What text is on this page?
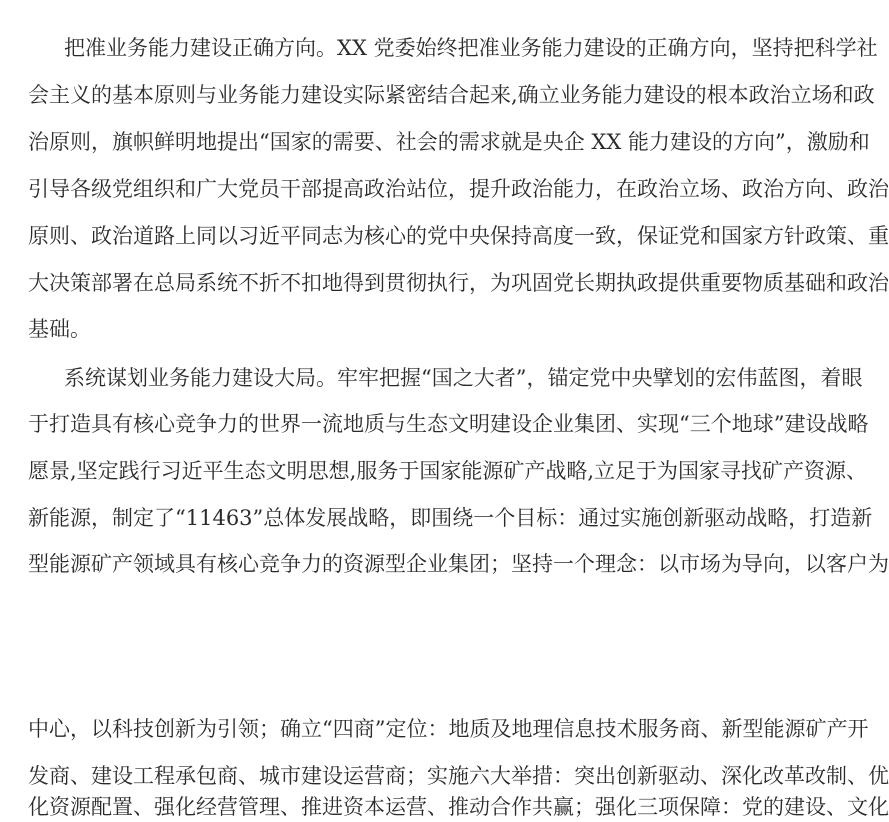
把准业务能力建设正确方向。XX 党委始终把准业务能力建设的正确方向，坚持把科学社
会主义的基本原则与业务能力建设实际紧密结合起来,确立业务能力建设的根本政治立场和政
治原则，旗帜鲜明地提出“国家的需要、社会的需求就是央企 XX 能力建设的方向”，激励和
引导各级党组织和广大党员干部提高政治站位，提升政治能力，在政治立场、政治方向、政治
原则、政治道路上同以习近平同志为核心的党中央保持高度一致，保证党和国家方针政策、重
大决策部署在总局系统不折不扣地得到贯彻执行，为巩固党长期执政提供重要物质基础和政治
基础。
系统谋划业务能力建设大局。牢牢把握“国之大者”，锚定党中央擘划的宏伟蓝图，着眼
于打造具有核心竞争力的世界一流地质与生态文明建设企业集团、实现“三个地球”建设战略
愿景,坚定践行习近平生态文明思想,服务于国家能源矿产战略,立足于为国家寻找矿产资源、
新能源，制定了“11463”总体发展战略，即围绕一个目标：通过实施创新驱动战略，打造新
型能源矿产领域具有核心竞争力的资源型企业集团；坚持一个理念：以市场为导向，以客户为
中心，以科技创新为引领；确立“四商”定位：地质及地理信息技术服务商、新型能源矿产开
发商、建设工程承包商、城市建设运营商；实施六大举措：突出创新驱动、深化改革改制、优
化资源配置、强化经营管理、推进资本运营、推动合作共赢；强化三项保障：党的建设、文化
